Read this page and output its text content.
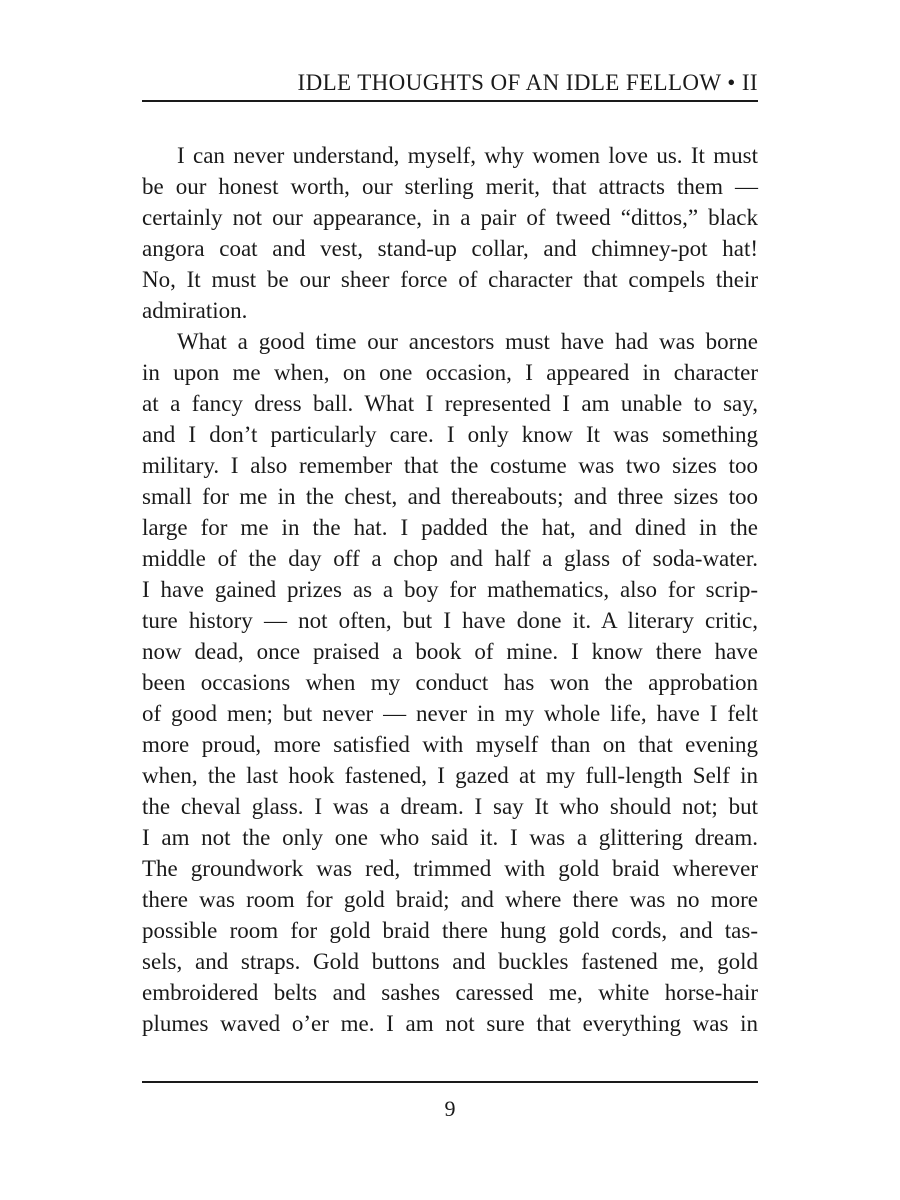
IDLE THOUGHTS OF AN IDLE FELLOW • II
I can never understand, myself, why women love us. It must
be our honest worth, our sterling merit, that attracts them —
certainly not our appearance, in a pair of tweed “dittos,” black
angora coat and vest, stand-up collar, and chimney-pot hat!
No, It must be our sheer force of character that compels their
admiration.
What a good time our ancestors must have had was borne
in upon me when, on one occasion, I appeared in character
at a fancy dress ball. What I represented I am unable to say,
and I don’t particularly care. I only know It was something
military. I also remember that the costume was two sizes too
small for me in the chest, and thereabouts; and three sizes too
large for me in the hat. I padded the hat, and dined in the
middle of the day off a chop and half a glass of soda-water.
I have gained prizes as a boy for mathematics, also for scrip-
ture history — not often, but I have done it. A literary critic,
now dead, once praised a book of mine. I know there have
been occasions when my conduct has won the approbation
of good men; but never — never in my whole life, have I felt
more proud, more satisfied with myself than on that evening
when, the last hook fastened, I gazed at my full-length Self in
the cheval glass. I was a dream. I say It who should not; but
I am not the only one who said it. I was a glittering dream.
The groundwork was red, trimmed with gold braid wherever
there was room for gold braid; and where there was no more
possible room for gold braid there hung gold cords, and tas-
sels, and straps. Gold buttons and buckles fastened me, gold
embroidered belts and sashes caressed me, white horse-hair
plumes waved o’er me. I am not sure that everything was in
9
